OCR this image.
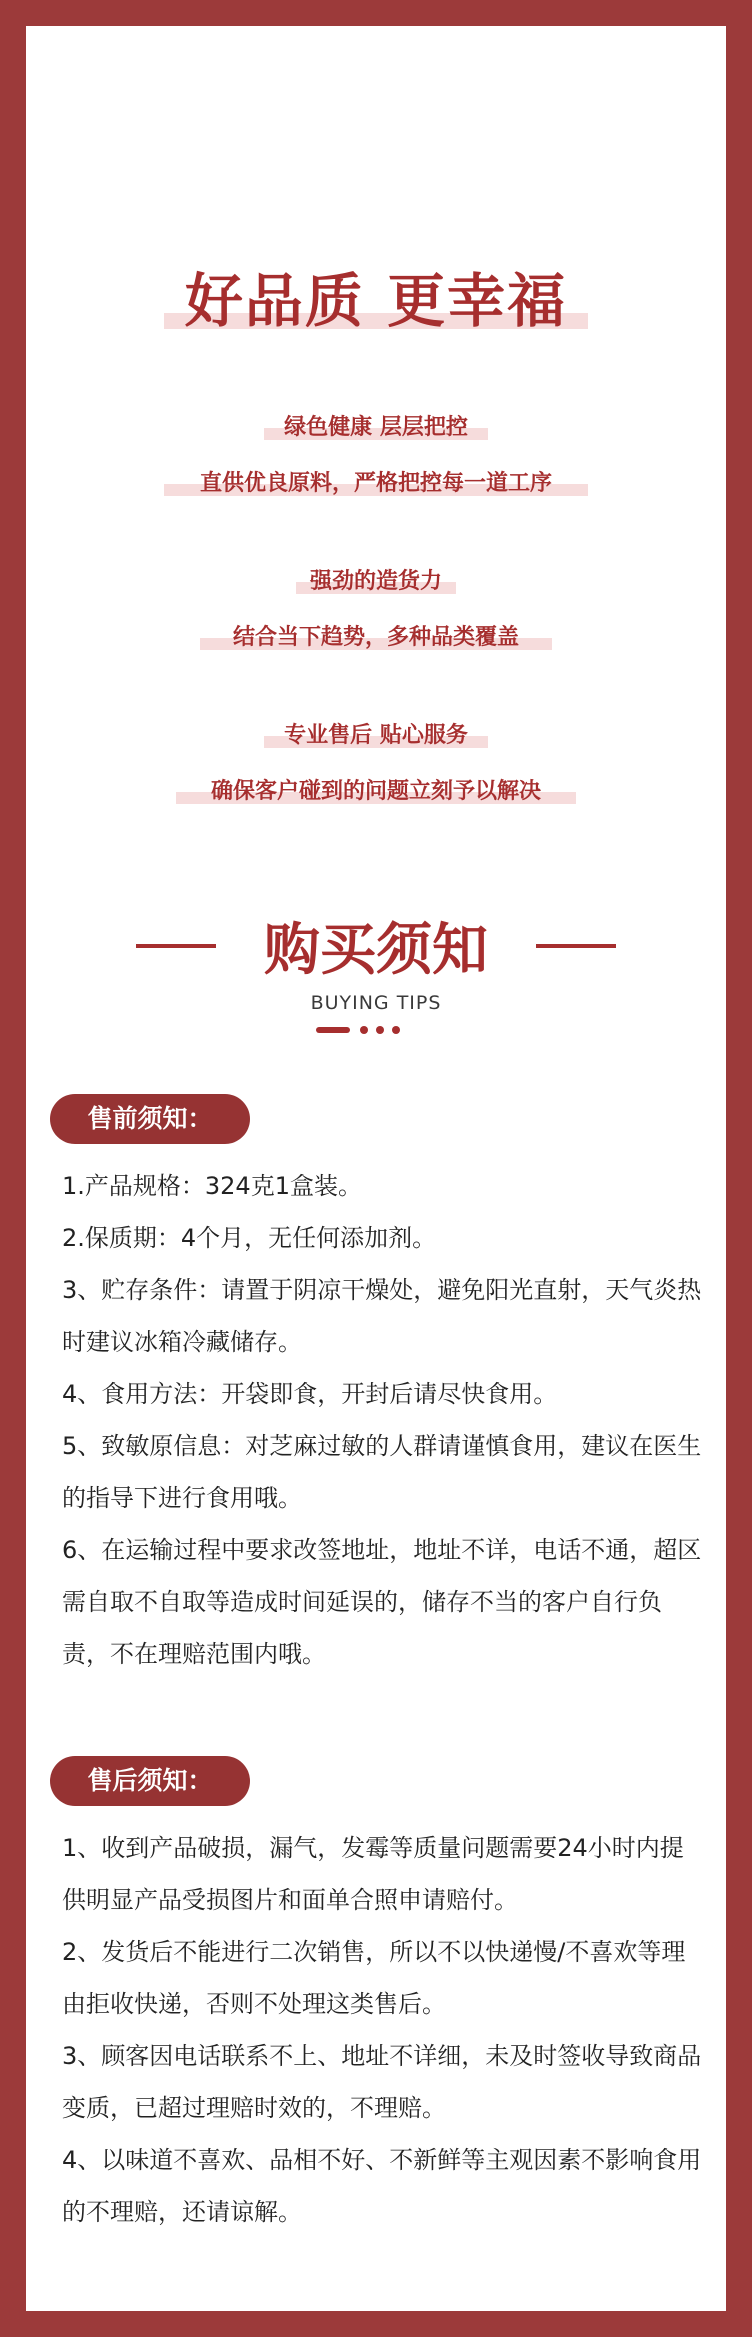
好品质 更幸福
绿色健康 层层把控
直供优良原料，严格把控每一道工序
强劲的造货力
结合当下趋势，多种品类覆盖
专业售后 贴心服务
确保客户碰到的问题立刻予以解决
购买须知
BUYING TIPS
售前须知：

1.产品规格：324克1盒装。

2.保质期：4个月，无任何添加剂。

3、贮存条件：请置于阴凉干燥处，避免阳光直射，天气炎热时建议冰箱冷藏储存。

4、食用方法：开袋即食，开封后请尽快食用。

5、致敏原信息：对芝麻过敏的人群请谨慎食用，建议在医生的指导下进行食用哦。

6、在运输过程中要求改签地址，地址不详，电话不通，超区需自取不自取等造成时间延误的，储存不当的客户自行负责，不在理赔范围内哦。

售后须知：

1、收到产品破损，漏气，发霉等质量问题需要24小时内提供明显产品受损图片和面单合照申请赔付。

2、发货后不能进行二次销售，所以不以快递慢/不喜欢等理由拒收快递，否则不处理这类售后。

3、顾客因电话联系不上、地址不详细，未及时签收导致商品变质，已超过理赔时效的，不理赔。

4、以味道不喜欢、品相不好、不新鲜等主观因素不影响食用的不理赔，还请谅解。
